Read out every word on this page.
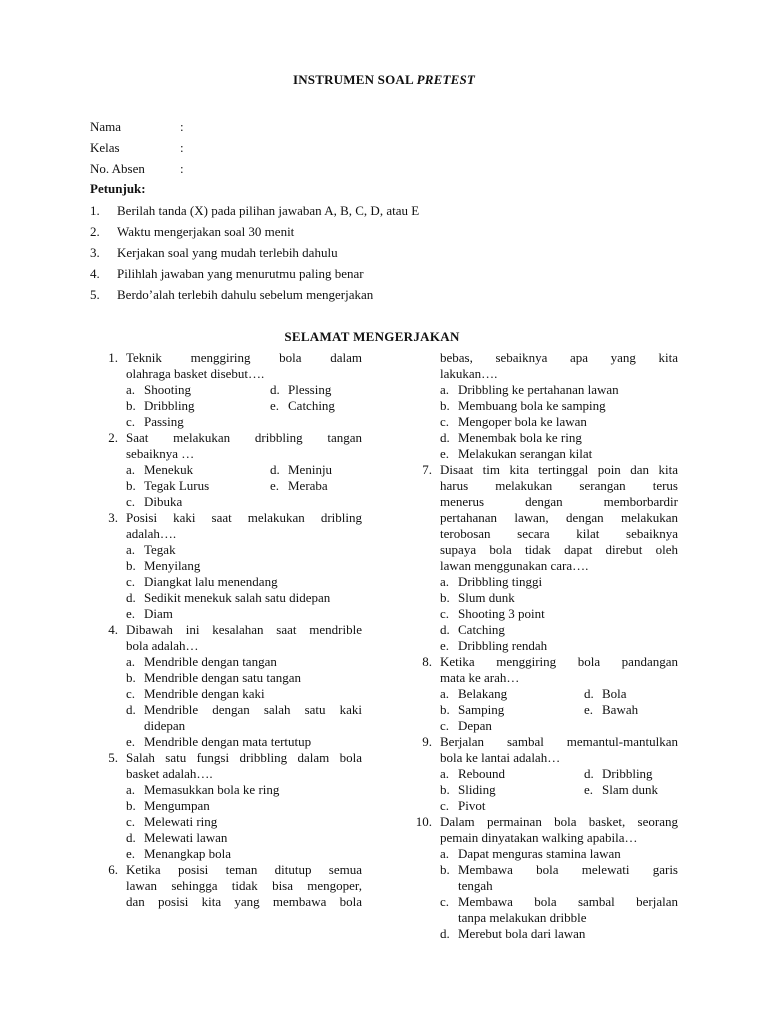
INSTRUMEN SOAL PRETEST
Nama	:
Kelas	:
No. Absen	:
Petunjuk:
1. Berilah tanda (X) pada pilihan jawaban A, B, C, D, atau E
2. Waktu mengerjakan soal 30 menit
3. Kerjakan soal yang mudah terlebih dahulu
4. Pilihlah jawaban yang menurutmu paling benar
5. Berdo’alah terlebih dahulu sebelum mengerjakan
SELAMAT MENGERJAKAN
1. Teknik menggiring bola dalam
olahraga basket disebut….
a. Shooting	d. Plessing
b. Dribbling	e. Catching
c. Passing
2. Saat melakukan dribbling tangan
sebaiknya …
a. Menekuk	d. Meninju
b. Tegak Lurus	e. Meraba
c. Dibuka
3. Posisi kaki saat melakukan dribling
adalah….
a. Tegak
b. Menyilang
c. Diangkat lalu menendang
d. Sedikit menekuk salah satu didepan
e. Diam
4. Dibawah ini kesalahan saat mendrible
bola adalah…
a. Mendrible dengan tangan
b. Mendrible dengan satu tangan
c. Mendrible dengan kaki
d. Mendrible dengan salah satu kaki
didepan
e. Mendrible dengan mata tertutup
5. Salah satu fungsi dribbling dalam bola
basket adalah….
a. Memasukkan bola ke ring
b. Mengumpan
c. Melewati ring
d. Melewati lawan
e. Menangkap bola
6. Ketika posisi teman ditutup semua
lawan sehingga tidak bisa mengoper,
dan posisi kita yang membawa bola
bebas, sebaiknya apa yang kita
lakukan….
a. Dribbling ke pertahanan lawan
b. Membuang bola ke samping
c. Mengoper bola ke lawan
d. Menembak bola ke ring
e. Melakukan serangan kilat
7. Disaat tim kita tertinggal poin dan kita
harus melakukan serangan terus
menerus dengan memborbardir
pertahanan lawan, dengan melakukan
terobosan secara kilat sebaiknya
supaya bola tidak dapat direbut oleh
lawan menggunakan cara….
a. Dribbling tinggi
b. Slum dunk
c. Shooting 3 point
d. Catching
e. Dribbling rendah
8. Ketika menggiring bola pandangan
mata ke arah…
a. Belakang	d. Bola
b. Samping	e. Bawah
c. Depan
9. Berjalan sambal memantul-mantulkan
bola ke lantai adalah…
a. Rebound	d. Dribbling
b. Sliding	e. Slam dunk
c. Pivot
10. Dalam permainan bola basket, seorang
pemain dinyatakan walking apabila…
a. Dapat menguras stamina lawan
b. Membawa bola melewati garis
tengah
c. Membawa bola sambal berjalan
tanpa melakukan dribble
d. Merebut bola dari lawan
